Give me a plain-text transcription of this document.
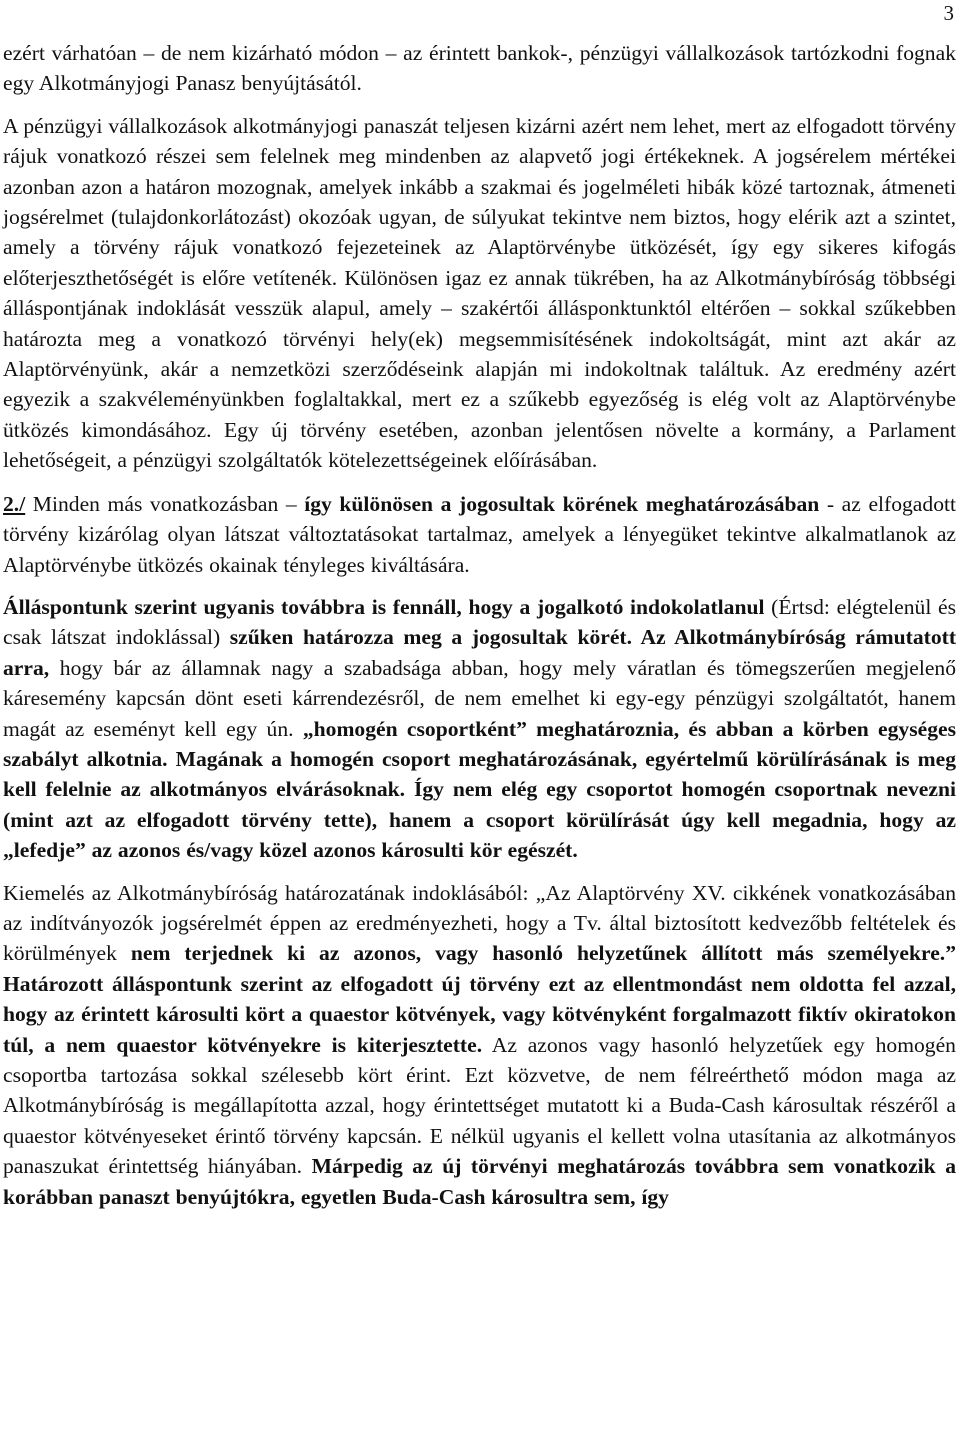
3

ezért várhatóan – de nem kizárható módon – az érintett bankok-, pénzügyi vállalkozások tartózkodni fognak egy Alkotmányjogi Panasz benyújtásától.

A pénzügyi vállalkozások alkotmányjogi panaszát teljesen kizárni azért nem lehet, mert az elfogadott törvény rájuk vonatkozó részei sem felelnek meg mindenben az alapvető jogi értékeknek. A jogsérelem mértékei azonban azon a határon mozognak, amelyek inkább a szakmai és jogelméleti hibák közé tartoznak, átmeneti jogsérelmet (tulajdonkorlátozást) okozóak ugyan, de súlyukat tekintve nem biztos, hogy elérik azt a szintet, amely a törvény rájuk vonatkozó fejezeteinek az Alaptörvénybe ütközését, így egy sikeres kifogás előterjeszthetőségét is előre vetítenék. Különösen igaz ez annak tükrében, ha az Alkotmánybíróság többségi álláspontjának indoklását vesszük alapul, amely – szakértői állásponktunktól eltérően – sokkal szűkebben határozta meg a vonatkozó törvényi hely(ek) megsemmisítésének indokoltságát, mint azt akár az Alaptörvényünk, akár a nemzetközi szerződéseink alapján mi indokoltnak találtuk. Az eredmény azért egyezik a szakvéleményünkben foglaltakkal, mert ez a szűkebb egyezőség is elég volt az Alaptörvénybe ütközés kimondásához. Egy új törvény esetében, azonban jelentősen növelte a kormány, a Parlament lehetőségeit, a pénzügyi szolgáltatók kötelezettségeinek előírásában.

2./ Minden más vonatkozásban – így különösen a jogosultak körének meghatározásában - az elfogadott törvény kizárólag olyan látszat változtatásokat tartalmaz, amelyek a lényegüket tekintve alkalmatlanok az Alaptörvénybe ütközés okainak tényleges kiváltására.

Álláspontunk szerint ugyanis továbbra is fennáll, hogy a jogalkotó indokolatlanul (Értsd: elégtelenül és csak látszat indoklással) szűken határozza meg a jogosultak körét. Az Alkotmánybíróság rámutatott arra, hogy bár az államnak nagy a szabadsága abban, hogy mely váratlan és tömegszerűen megjelenő káresemény kapcsán dönt eseti kárrendezésről, de nem emelhet ki egy-egy pénzügyi szolgáltatót, hanem magát az eseményt kell egy ún. „homogén csoportként” meghatároznia, és abban a körben egységes szabályt alkotnia. Magának a homogén csoport meghatározásának, egyértelmű körülírásának is meg kell felelnie az alkotmányos elvárásoknak. Így nem elég egy csoportot homogén csoportnak nevezni (mint azt az elfogadott törvény tette), hanem a csoport körülírását úgy kell megadnia, hogy az „lefedje” az azonos és/vagy közel azonos károsulti kör egészét.

Kiemelés az Alkotmánybíróság határozatának indoklásából: „Az Alaptörvény XV. cikkének vonatkozásában az indítványozók jogsérelmét éppen az eredményezheti, hogy a Tv. által biztosított kedvezőbb feltételek és körülmények nem terjednek ki az azonos, vagy hasonló helyzetűnek állított más személyekre.” Határozott álláspontunk szerint az elfogadott új törvény ezt az ellentmondást nem oldotta fel azzal, hogy az érintett károsulti kört a quaestor kötvények, vagy kötvényként forgalmazott fiktív okiratokon túl, a nem quaestor kötvényekre is kiterjesztette. Az azonos vagy hasonló helyzetűek egy homogén csoportba tartozása sokkal szélesebb kört érint. Ezt közvetve, de nem félreérthető módon maga az Alkotmánybíróság is megállapította azzal, hogy érintettséget mutatott ki a Buda-Cash károsultak részéről a quaestor kötvényeseket érintő törvény kapcsán. E nélkül ugyanis el kellett volna utasítania az alkotmányos panaszukat érintettség hiányában. Márpedig az új törvényi meghatározás továbbra sem vonatkozik a korábban panaszt benyújtókra, egyetlen Buda-Cash károsultra sem, így
